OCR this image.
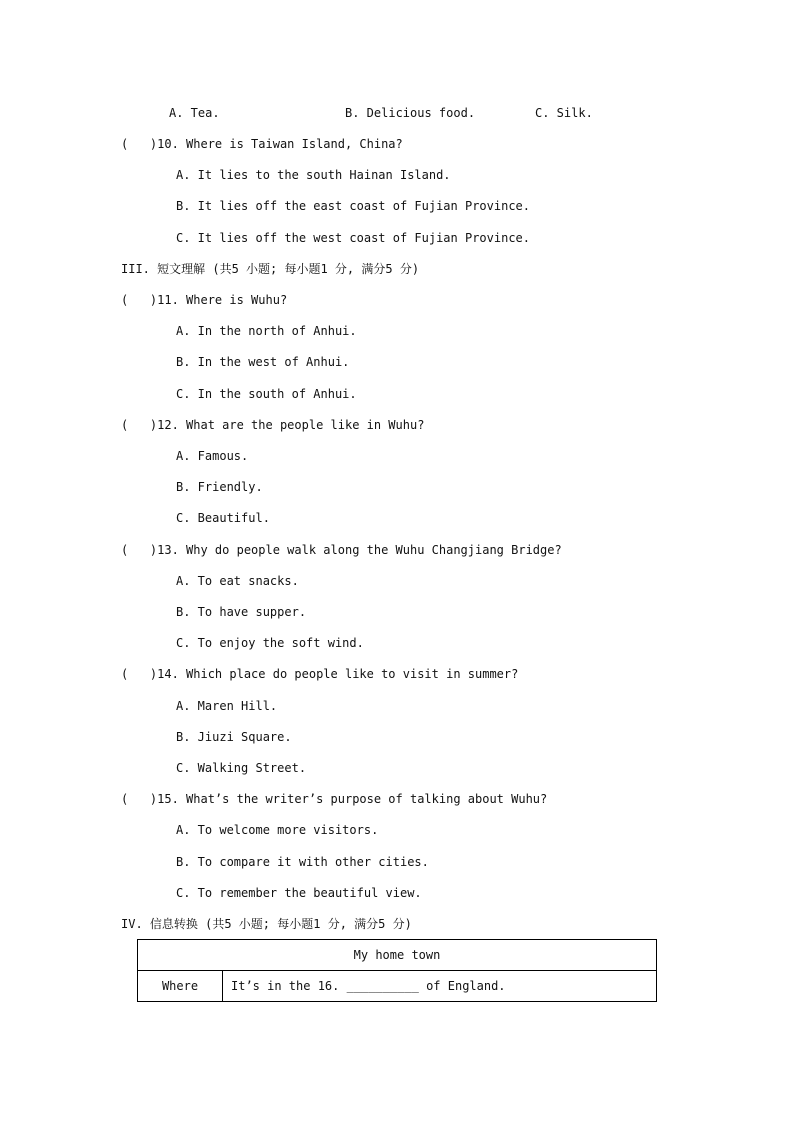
A. Tea.	B. Delicious food.	C. Silk.
(   )10. Where is Taiwan Island, China?
A. It lies to the south Hainan Island.
B. It lies off the east coast of Fujian Province.
C. It lies off the west coast of Fujian Province.
III. 短文理解 (共5 小题; 每小题1 分, 满分5 分)
(   )11. Where is Wuhu?
A. In the north of Anhui.
B. In the west of Anhui.
C. In the south of Anhui.
(   )12. What are the people like in Wuhu?
A. Famous.
B. Friendly.
C. Beautiful.
(   )13. Why do people walk along the Wuhu Changjiang Bridge?
A. To eat snacks.
B. To have supper.
C. To enjoy the soft wind.
(   )14. Which place do people like to visit in summer?
A. Maren Hill.
B. Jiuzi Square.
C. Walking Street.
(   )15. What’s the writer’s purpose of talking about Wuhu?
A. To welcome more visitors.
B. To compare it with other cities.
C. To remember the beautiful view.
IV. 信息转换 (共5 小题; 每小题1 分, 满分5 分)
My home town
Where	It’s in the 16. __________ of England.
